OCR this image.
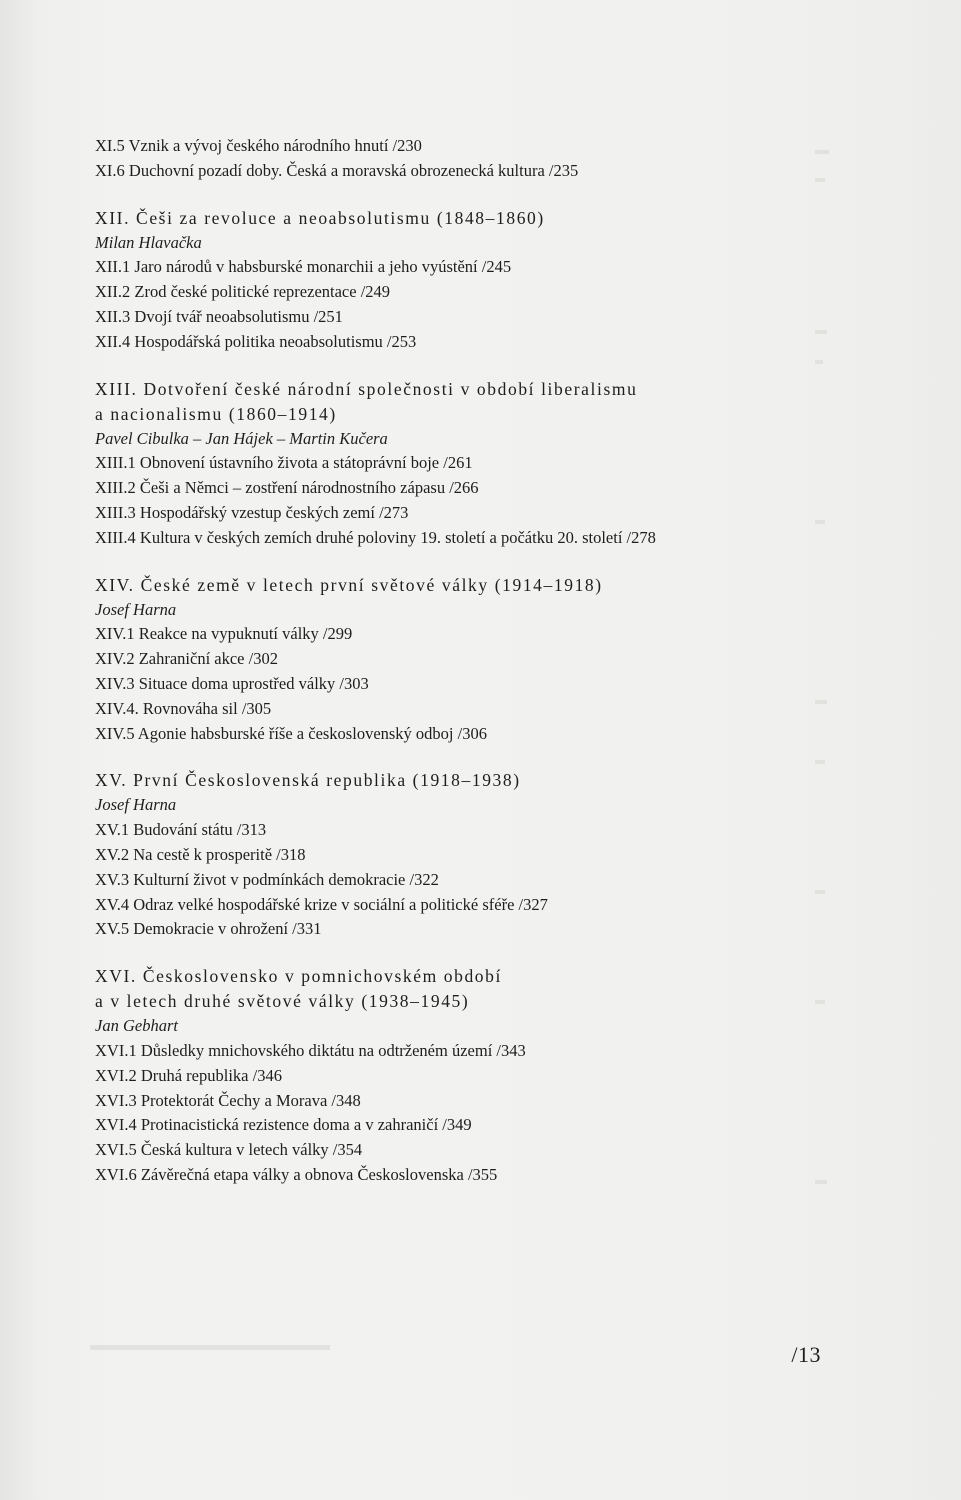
XI.5 Vznik a vývoj českého národního hnutí /230
XI.6 Duchovní pozadí doby. Česká a moravská obrozenecká kultura /235
XII. Češi za revoluce a neoabsolutismu (1848–1860)
Milan Hlavačka
XII.1 Jaro národů v habsburské monarchii a jeho vyústění /245
XII.2 Zrod české politické reprezentace /249
XII.3 Dvojí tvář neoabsolutismu /251
XII.4 Hospodářská politika neoabsolutismu /253
XIII. Dotvoření české národní společnosti v období liberalismu
a nacionalismu (1860–1914)
Pavel Cibulka – Jan Hájek – Martin Kučera
XIII.1 Obnovení ústavního života a státoprávní boje /261
XIII.2 Češi a Němci – zostření národnostního zápasu /266
XIII.3 Hospodářský vzestup českých zemí /273
XIII.4 Kultura v českých zemích druhé poloviny 19. století a počátku 20. století /278
XIV. České země v letech první světové války (1914–1918)
Josef Harna
XIV.1 Reakce na vypuknutí války /299
XIV.2 Zahraniční akce /302
XIV.3 Situace doma uprostřed války /303
XIV.4. Rovnováha sil /305
XIV.5 Agonie habsburské říše a československý odboj /306
XV. První Československá republika (1918–1938)
Josef Harna
XV.1 Budování státu /313
XV.2 Na cestě k prosperitě /318
XV.3 Kulturní život v podmínkách demokracie /322
XV.4 Odraz velké hospodářské krize v sociální a politické sféře /327
XV.5 Demokracie v ohrožení /331
XVI. Československo v pomnichovském období
a v letech druhé světové války (1938–1945)
Jan Gebhart
XVI.1 Důsledky mnichovského diktátu na odtrženém území /343
XVI.2 Druhá republika /346
XVI.3 Protektorát Čechy a Morava /348
XVI.4 Protinacistická rezistence doma a v zahraničí /349
XVI.5 Česká kultura v letech války /354
XVI.6 Závěrečná etapa války a obnova Československa /355
/13
